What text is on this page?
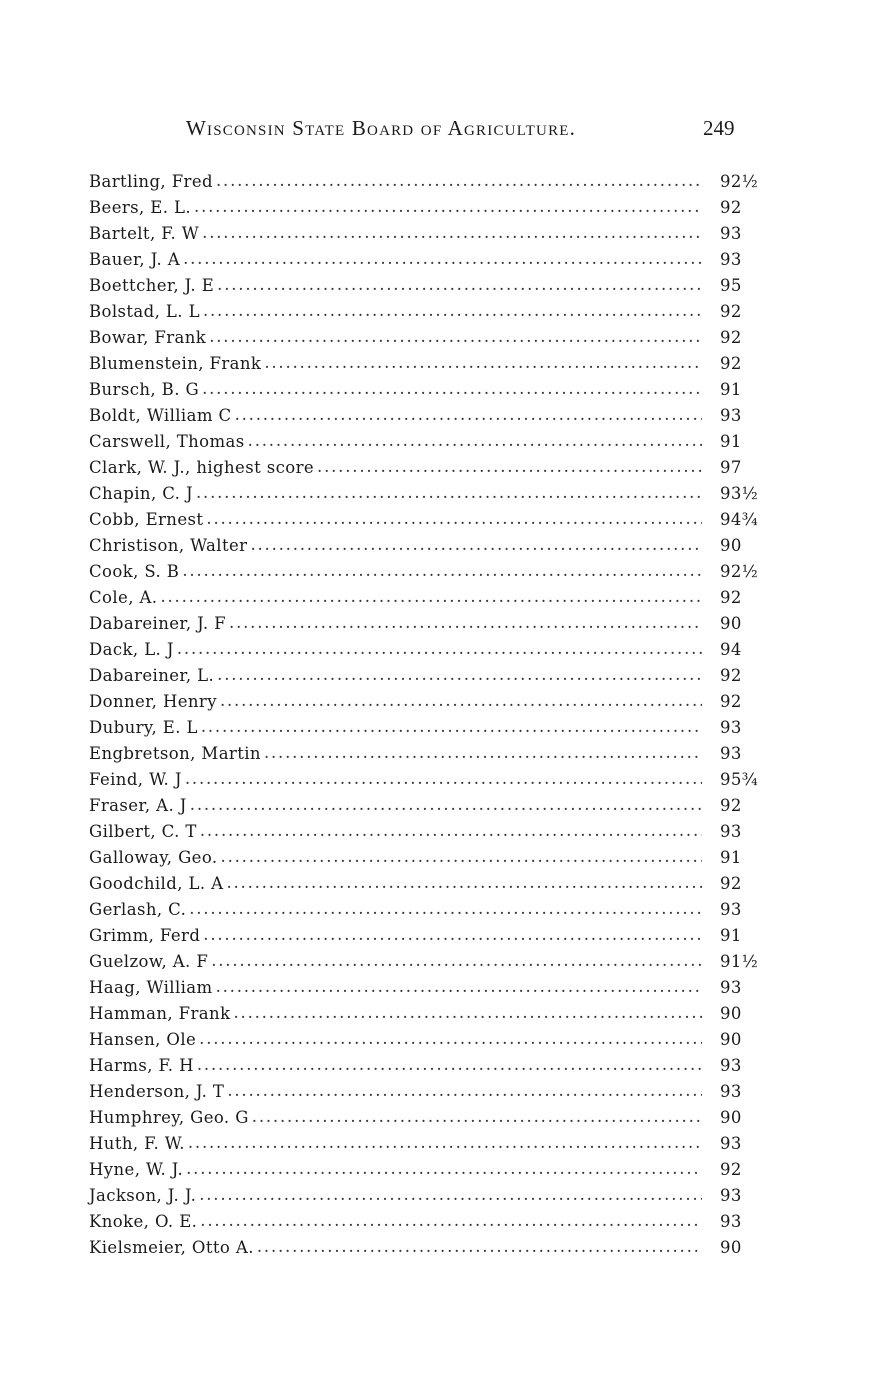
Wisconsin State Board of Agriculture.	249
Bartling, Fred .....	92½
Beers, E. L. .....	92
Bartelt, F. W .....	93
Bauer, J. A .....	93
Boettcher, J. E .....	95
Bolstad, L. L .....	92
Bowar, Frank .....	92
Blumenstein, Frank .....	92
Bursch, B. G .....	91
Boldt, William C .....	93
Carswell, Thomas .....	91
Clark, W. J., highest score .....	97
Chapin, C. J .....	93½
Cobb, Ernest .....	94¾
Christison, Walter .....	90
Cook, S. B .....	92½
Cole, A. .....	92
Dabareiner, J. F .....	90
Dack, L. J .....	94
Dabareiner, L. .....	92
Donner, Henry .....	92
Dubury, E. L .....	93
Engbretson, Martin .....	93
Feind, W. J .....	95¾
Fraser, A. J .....	92
Gilbert, C. T .....	93
Galloway, Geo. .....	91
Goodchild, L. A .....	92
Gerlash, C. .....	93
Grimm, Ferd .....	91
Guelzow, A. F .....	91½
Haag, William .....	93
Hamman, Frank .....	90
Hansen, Ole .....	90
Harms, F. H .....	93
Henderson, J. T .....	93
Humphrey, Geo. G .....	90
Huth, F. W. .....	93
Hyne, W. J. .....	92
Jackson, J. J. .....	93
Knoke, O. E. .....	93
Kielsmeier, Otto A. .....	90
